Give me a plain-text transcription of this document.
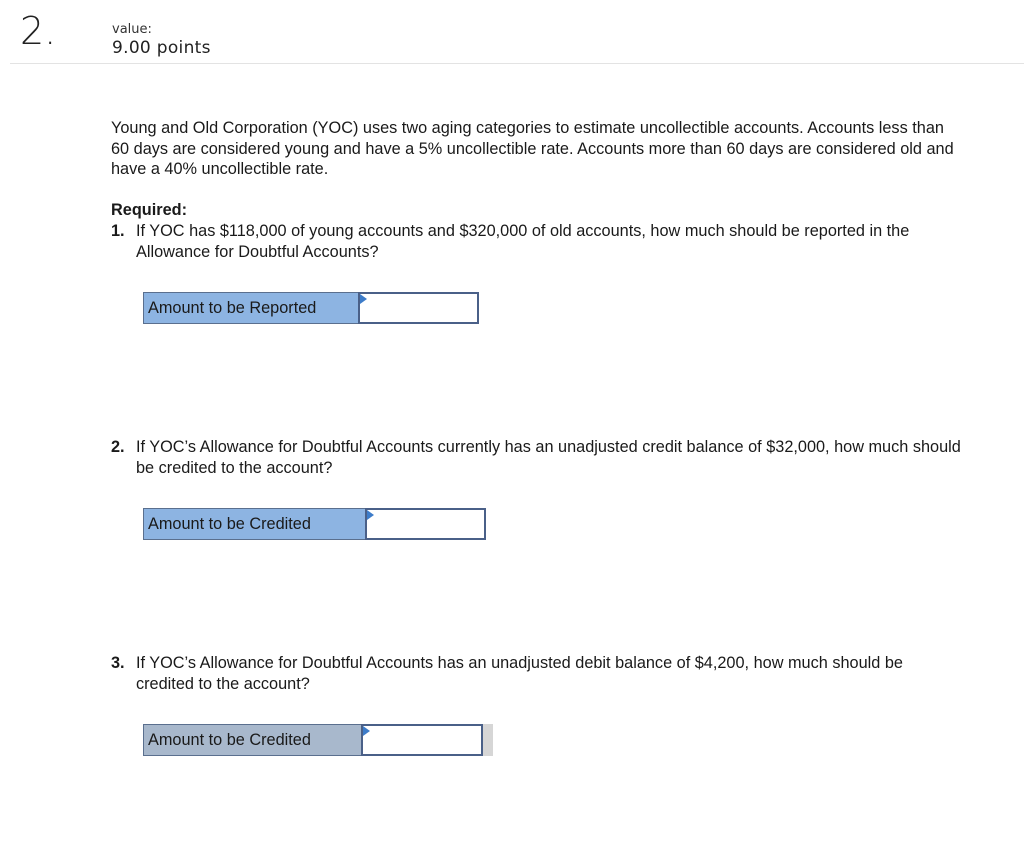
2.	value:
9.00 points

Young and Old Corporation (YOC) uses two aging categories to estimate uncollectible accounts. Accounts less than 60 days are considered young and have a 5% uncollectible rate. Accounts more than 60 days are considered old and have a 40% uncollectible rate.

Required:
1. If YOC has $118,000 of young accounts and $320,000 of old accounts, how much should be reported in the Allowance for Doubtful Accounts?
Amount to be Reported
2. If YOC’s Allowance for Doubtful Accounts currently has an unadjusted credit balance of $32,000, how much should be credited to the account?
Amount to be Credited
3. If YOC’s Allowance for Doubtful Accounts has an unadjusted debit balance of $4,200, how much should be credited to the account?
Amount to be Credited
